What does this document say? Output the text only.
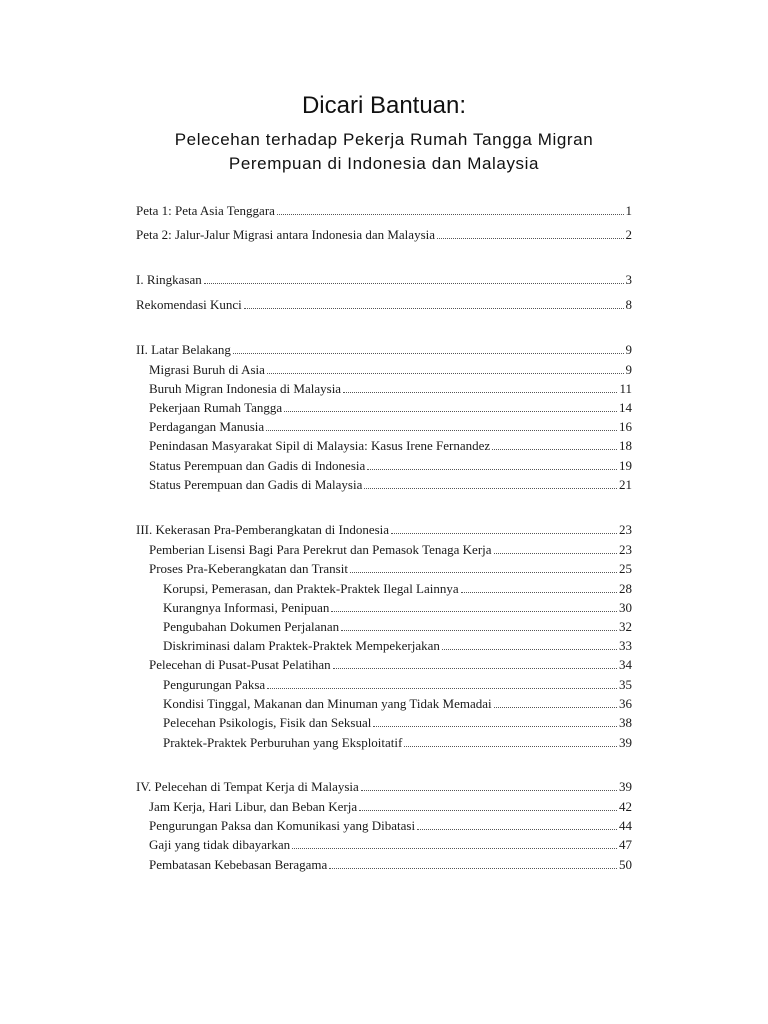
Dicari Bantuan:
Pelecehan terhadap Pekerja Rumah Tangga Migran
Perempuan di Indonesia dan Malaysia
Peta 1: Peta Asia Tenggara	1
Peta 2: Jalur-Jalur Migrasi antara Indonesia dan Malaysia	2
I. Ringkasan	3
Rekomendasi Kunci	8
II. Latar Belakang	9
Migrasi Buruh di Asia	9
Buruh Migran Indonesia di Malaysia	11
Pekerjaan Rumah Tangga	14
Perdagangan Manusia	16
Penindasan Masyarakat Sipil di Malaysia: Kasus Irene Fernandez	18
Status Perempuan dan Gadis di Indonesia	19
Status Perempuan dan Gadis di Malaysia	21
III. Kekerasan Pra-Pemberangkatan di Indonesia	23
Pemberian Lisensi Bagi Para Perekrut dan Pemasok Tenaga Kerja	23
Proses Pra-Keberangkatan dan Transit	25
Korupsi, Pemerasan, dan Praktek-Praktek Ilegal Lainnya	28
Kurangnya Informasi, Penipuan	30
Pengubahan Dokumen Perjalanan	32
Diskriminasi dalam Praktek-Praktek Mempekerjakan	33
Pelecehan di Pusat-Pusat Pelatihan	34
Pengurungan Paksa	35
Kondisi Tinggal, Makanan dan Minuman yang Tidak Memadai	36
Pelecehan Psikologis, Fisik dan Seksual	38
Praktek-Praktek Perburuhan yang Eksploitatif	39
IV. Pelecehan di Tempat Kerja di Malaysia	39
Jam Kerja, Hari Libur, dan Beban Kerja	42
Pengurungan Paksa dan Komunikasi yang Dibatasi	44
Gaji yang tidak dibayarkan	47
Pembatasan Kebebasan Beragama	50
